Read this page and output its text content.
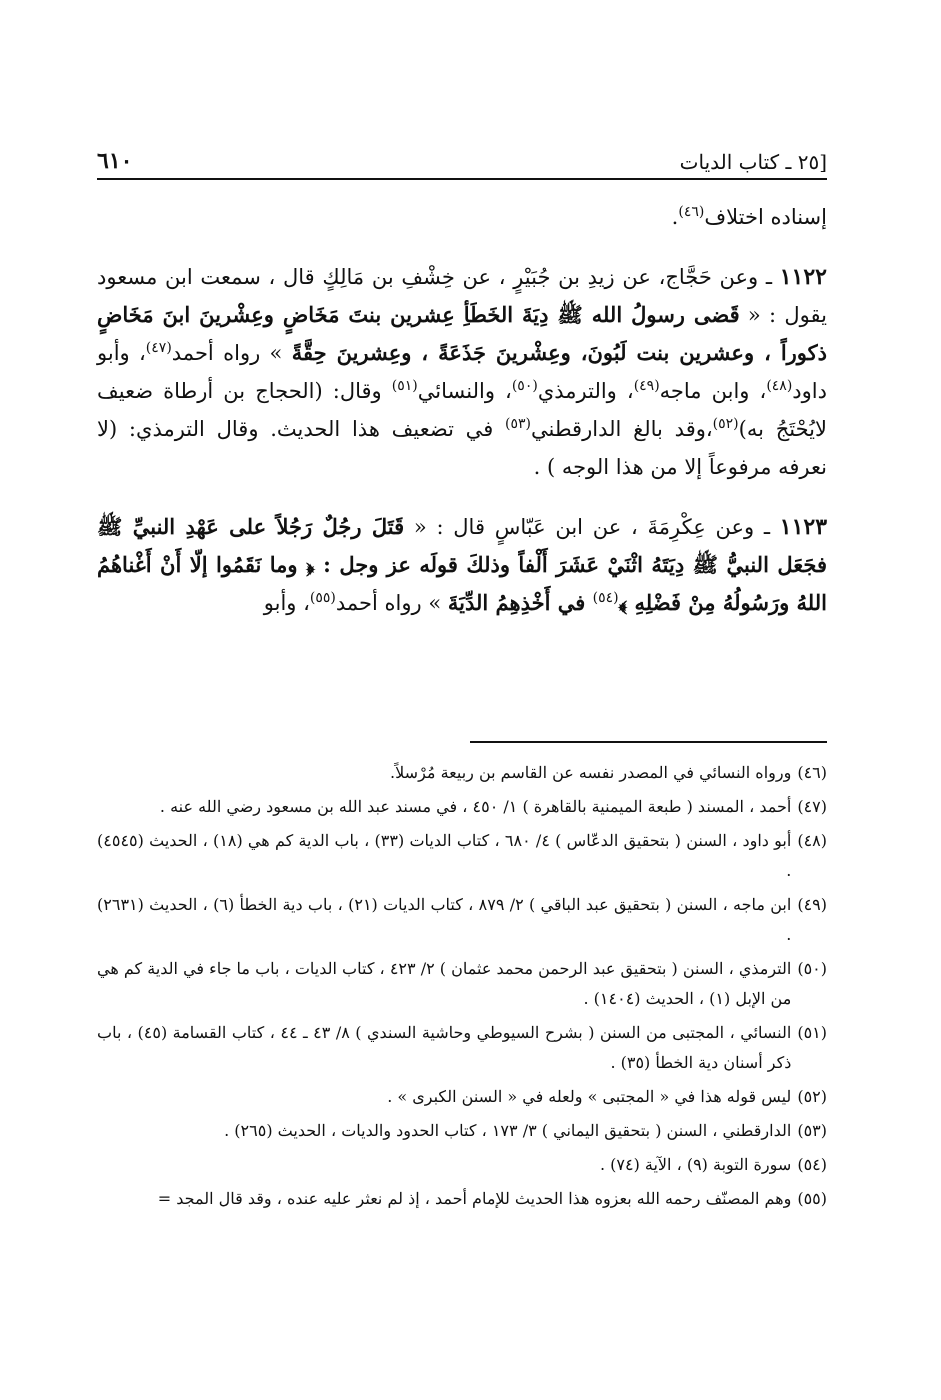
[٢٥ ـ كتاب الديات
٦١٠

إسناده اختلاف$^{(٤٦)}$.

١١٢٢ ـ وعن حَجَّاج، عن زيدِ بن جُبَيْرٍ ، عن خِشْفِ بن مَالِكٍ قال ، سمعت ابن مسعود يقول : « قَضى رسولُ الله ﷺ دِيَةَ الخَطَأِ عِشرين بنتَ مَخَاضٍ وعِشْرينَ ابنَ مَخَاضٍ ذكوراً ، وعشرين بنت لَبُونَ، وعِشْرينَ جَذَعَةً ، وعِشرينَ حِقَّةً » رواه أحمد$^{(٤٧)}$، وأبو داود$^{(٤٨)}$، وابن ماجه$^{(٤٩)}$، والترمذي$^{(٥٠)}$، والنسائي$^{(٥١)}$ وقال: (الحجاج بن أرطاة ضعيف لايُحْتَجُ به)$^{(٥٢)}$،وقد بالغ الدارقطني$^{(٥٣)}$ في تضعيف هذا الحديث. وقال الترمذي: (لا نعرفه مرفوعاً إلا من هذا الوجه ) .

١١٢٣ ـ وعن عِكْرِمَةَ ، عن ابن عَبّاسٍ قال : « قَتَلَ رجُلٌ رَجُلاً على عَهْدِ النبيِّ ﷺ فجَعَل النبيُّ ﷺ دِيَتَهُ اثْنَيْ عَشَرَ أَلْفاً وذلكَ قولَه عز وجل : ﴿ وما نَقَمُوا إلّا أَنْ أَغْناهُمُ اللهُ ورَسُولُهُ مِنْ فَضْلِهِ ﴾$^{(٥٤)}$ في أَخْذِهِمُ الدِّيَةَ » رواه أحمد$^{(٥٥)}$، وأبو

(٤٦)
ورواه النسائي في المصدر نفسه عن القاسم بن ربيعة مُرْسلاً.
(٤٧)
أحمد ، المسند ( طبعة الميمنية بالقاهرة ) ١/ ٤٥٠ ، في مسند عبد الله بن مسعود رضي الله عنه .
(٤٨)
أبو داود ، السنن ( بتحقيق الدعّاس ) ٤/ ٦٨٠ ، كتاب الديات (٣٣) ، باب الدية كم هي (١٨) ، الحديث (٤٥٤٥) .
(٤٩)
ابن ماجه ، السنن ( بتحقيق عبد الباقي ) ٢/ ٨٧٩ ، كتاب الديات (٢١) ، باب دية الخطأ (٦) ، الحديث (٢٦٣١) .
(٥٠)
الترمذي ، السنن ( بتحقيق عبد الرحمن محمد عثمان ) ٢/ ٤٢٣ ، كتاب الديات ، باب ما جاء في الدية كم هي من الإبل (١) ، الحديث (١٤٠٤) .
(٥١)
النسائي ، المجتبى من السنن ( بشرح السيوطي وحاشية السندي ) ٨/ ٤٣ ـ ٤٤ ، كتاب القسامة (٤٥) ، باب ذكر أسنان دية الخطأ (٣٥) .
(٥٢)
ليس قوله هذا في « المجتبى » ولعله في « السنن الكبرى » .
(٥٣)
الدارقطني ، السنن ( بتحقيق اليماني ) ٣/ ١٧٣ ، كتاب الحدود والديات ، الحديث (٢٦٥) .
(٥٤)
سورة التوبة (٩) ، الآية (٧٤) .
(٥٥)
وهم المصنّف رحمه الله بعزوه هذا الحديث للإمام أحمد ، إذ لم نعثر عليه عنده ، وقد قال المجد =
